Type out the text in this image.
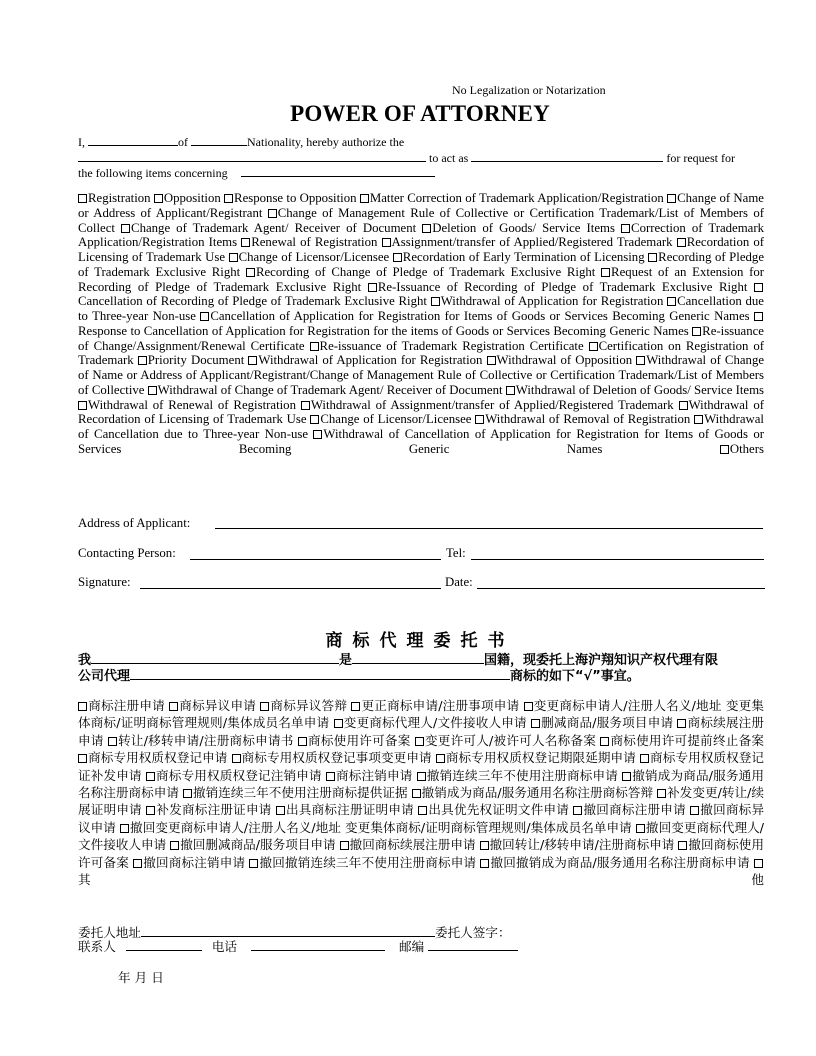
No Legalization or Notarization
POWER OF ATTORNEY
I,	of	Nationality, hereby authorize the
to act as	for request for
the following items concerning
Registration Opposition Response to Opposition Matter Correction of Trademark Application/Registration Change of Name or Address of Applicant/Registrant Change of Management Rule of Collective or Certification Trademark/List of Members of Collect Change of Trademark Agent/ Receiver of Document Deletion of Goods/ Service Items Correction of Trademark Application/Registration Items Renewal of Registration Assignment/transfer of Applied/Registered Trademark Recordation of Licensing of Trademark Use Change of Licensor/Licensee Recordation of Early Termination of Licensing Recording of Pledge of Trademark Exclusive Right Recording of Change of Pledge of Trademark Exclusive Right Request of an Extension for Recording of Pledge of Trademark Exclusive Right Re-Issuance of Recording of Pledge of Trademark Exclusive Right Cancellation of Recording of Pledge of Trademark Exclusive Right Withdrawal of Application for Registration Cancellation due to Three-year Non-use Cancellation of Application for Registration for Items of Goods or Services Becoming Generic Names Response to Cancellation of Application for Registration for the items of Goods or Services Becoming Generic Names Re-issuance of Change/Assignment/Renewal Certificate Re-issuance of Trademark Registration Certificate Certification on Registration of Trademark Priority Document Withdrawal of Application for Registration Withdrawal of Opposition Withdrawal of Change of Name or Address of Applicant/Registrant/Change of Management Rule of Collective or Certification Trademark/List of Members of Collective Withdrawal of Change of Trademark Agent/ Receiver of Document Withdrawal of Deletion of Goods/ Service Items Withdrawal of Renewal of Registration Withdrawal of Assignment/transfer of Applied/Registered Trademark Withdrawal of Recordation of Licensing of Trademark Use Change of Licensor/Licensee Withdrawal of Removal of Registration Withdrawal of Cancellation due to Three-year Non-use Withdrawal of Cancellation of Application for Registration for Items of Goods or Services Becoming Generic Names	Others
Address of Applicant:
Contacting Person:	Tel:
Signature:	Date:
商标代理委托书
我	是	国籍，现委托上海沪翔知识产权代理有限
公司代理	商标的如下“√”事宜。
商标注册申请 商标异议申请 商标异议答辩 更正商标申请/注册事项申请 变更商标申请人/注册人名义/地址 变更集体商标/证明商标管理规则/集体成员名单申请 变更商标代理人/文件接收人申请 删减商品/服务项目申请 商标续展注册申请 转让/移转申请/注册商标申请书 商标使用许可备案 变更许可人/被许可人名称备案 商标使用许可提前终止备案 商标专用权质权登记申请 商标专用权质权登记事项变更申请 商标专用权质权登记期限延期申请 商标专用权质权登记证补发申请 商标专用权质权登记注销申请 商标注销申请 撤销连续三年不使用注册商标申请 撤销成为商品/服务通用名称注册商标申请 撤销连续三年不使用注册商标提供证据 撤销成为商品/服务通用名称注册商标答辩 补发变更/转让/续展证明申请 补发商标注册证申请 出具商标注册证明申请 出具优先权证明文件申请 撤回商标注册申请 撤回商标异议申请 撤回变更商标申请人/注册人名义/地址 变更集体商标/证明商标管理规则/集体成员名单申请 撤回变更商标代理人/文件接收人申请 撤回删减商品/服务项目申请 撤回商标续展注册申请 撤回转让/移转申请/注册商标申请 撤回商标使用许可备案 撤回商标注销申请 撤回撤销连续三年不使用注册商标申请 撤回撤销成为商品/服务通用名称注册商标申请 其他
委托人地址	委托人签字：
联系人	电话	邮编
年 月 日
